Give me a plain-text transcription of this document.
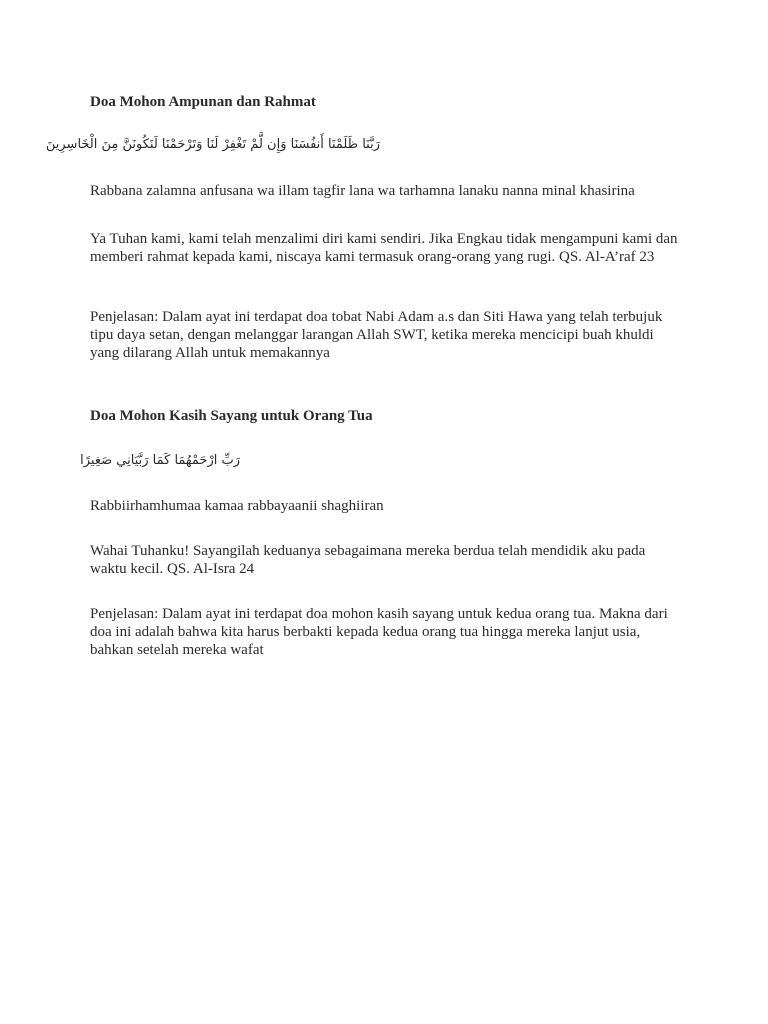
Doa Mohon Ampunan dan Rahmat
رَبَّنَا ظَلَمْنَا أَنفُسَنَا وَإِن لَّمْ تَغْفِرْ لَنَا وَتَرْحَمْنَا لَنَكُونَنَّ مِنَ الْخَاسِرِينَ

Rabbana zalamna anfusana wa illam tagfir lana wa tarhamna lanaku nanna minal khasirina

Ya Tuhan kami, kami telah menzalimi diri kami sendiri. Jika Engkau tidak mengampuni kami dan memberi rahmat kepada kami, niscaya kami termasuk orang-orang yang rugi. QS. Al-A’raf 23

Penjelasan: Dalam ayat ini terdapat doa tobat Nabi Adam a.s dan Siti Hawa yang telah terbujuk tipu daya setan, dengan melanggar larangan Allah SWT, ketika mereka mencicipi buah khuldi yang dilarang Allah untuk memakannya

Doa Mohon Kasih Sayang untuk Orang Tua
رَبِّ ارْحَمْهُمَا كَمَا رَبَّيَانِي صَغِيرًا

Rabbiirhamhumaa kamaa rabbayaanii shaghiiran

Wahai Tuhanku! Sayangilah keduanya sebagaimana mereka berdua telah mendidik aku pada waktu kecil. QS. Al-Isra 24

Penjelasan: Dalam ayat ini terdapat doa mohon kasih sayang untuk kedua orang tua. Makna dari doa ini adalah bahwa kita harus berbakti kepada kedua orang tua hingga mereka lanjut usia, bahkan setelah mereka wafat
